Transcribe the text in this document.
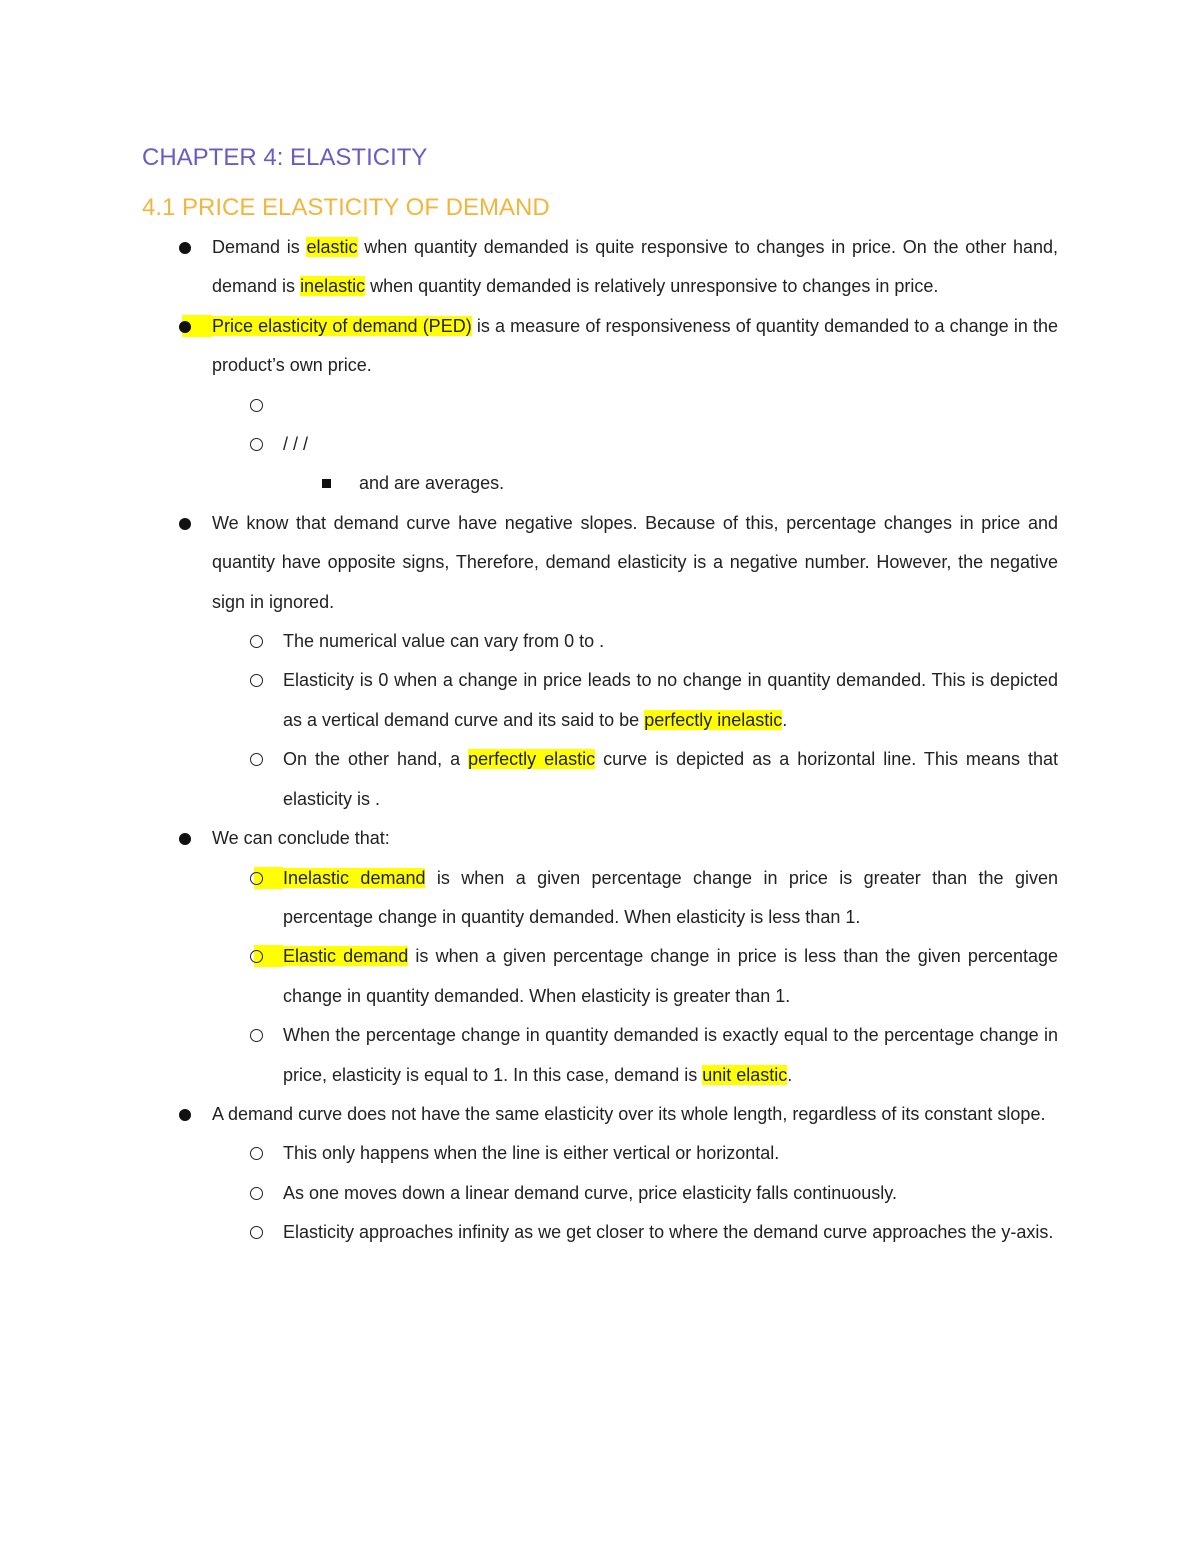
CHAPTER 4: ELASTICITY
4.1 PRICE ELASTICITY OF DEMAND
Demand is elastic when quantity demanded is quite responsive to changes in price. On the other hand, demand is inelastic when quantity demanded is relatively unresponsive to changes in price.
Price elasticity of demand (PED) is a measure of responsiveness of quantity demanded to a change in the product’s own price.

/ / /
and are averages.
We know that demand curve have negative slopes. Because of this, percentage changes in price and quantity have opposite signs, Therefore, demand elasticity is a negative number. However, the negative sign in ignored.
The numerical value can vary from 0 to .
Elasticity is 0 when a change in price leads to no change in quantity demanded. This is depicted as a vertical demand curve and its said to be perfectly inelastic.
On the other hand, a perfectly elastic curve is depicted as a horizontal line. This means that elasticity is .
We can conclude that:
Inelastic demand is when a given percentage change in price is greater than the given percentage change in quantity demanded. When elasticity is less than 1.
Elastic demand is when a given percentage change in price is less than the given percentage change in quantity demanded. When elasticity is greater than 1.
When the percentage change in quantity demanded is exactly equal to the percentage change in price, elasticity is equal to 1. In this case, demand is unit elastic.
A demand curve does not have the same elasticity over its whole length, regardless of its constant slope.
This only happens when the line is either vertical or horizontal.
As one moves down a linear demand curve, price elasticity falls continuously.
Elasticity approaches infinity as we get closer to where the demand curve approaches the y-axis.
